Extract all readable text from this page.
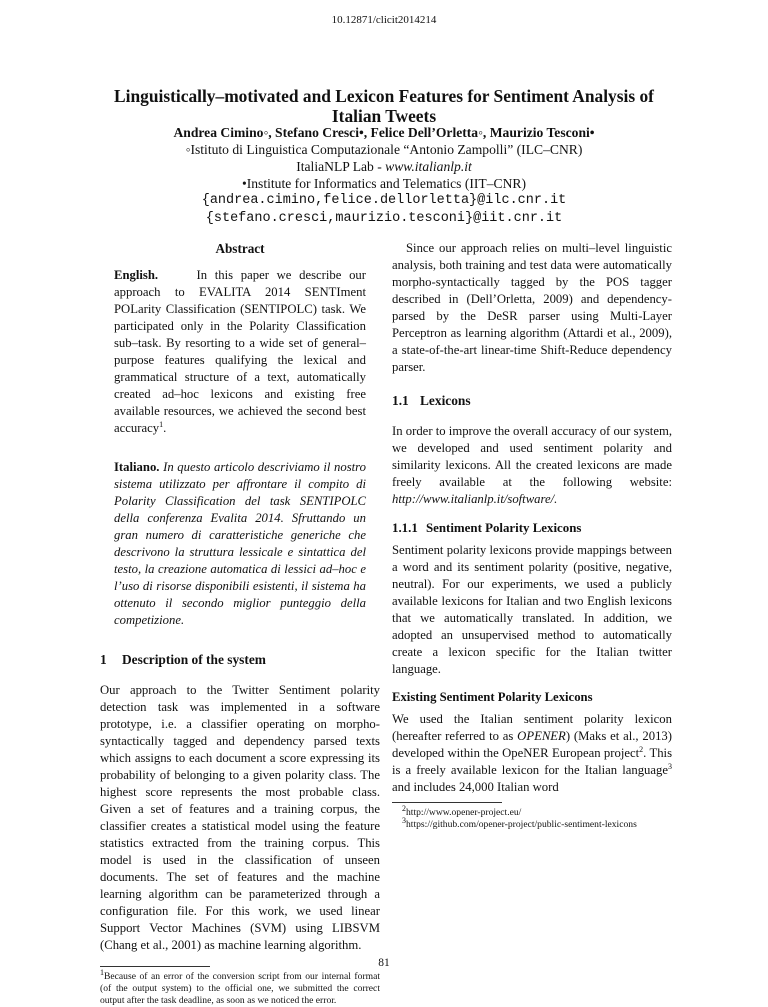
10.12871/clicit2014214
Linguistically–motivated and Lexicon Features for Sentiment Analysis of
Italian Tweets
Andrea Cimino◦, Stefano Cresci•, Felice Dell’Orletta◦, Maurizio Tesconi•
◦Istituto di Linguistica Computazionale “Antonio Zampolli” (ILC–CNR)
ItaliaNLP Lab - www.italianlp.it
•Institute for Informatics and Telematics (IIT–CNR)
{andrea.cimino,felice.dellorletta}@ilc.cnr.it
{stefano.cresci,maurizio.tesconi}@iit.cnr.it

Abstract

English.	In this paper we describe our approach to EVALITA 2014 SENTIment POLarity Classification (SENTIPOLC) task. We participated only in the Polarity Classification sub–task. By resorting to a wide set of general–purpose features qualifying the lexical and grammatical structure of a text, automatically created ad–hoc lexicons and existing free available resources, we achieved the second best accuracy$^1$.

Italiano. In questo articolo descriviamo il nostro sistema utilizzato per affrontare il compito di Polarity Classification del task SENTIPOLC della conferenza Evalita 2014. Sfruttando un gran numero di caratteristiche generiche che descrivono la struttura lessicale e sintattica del testo, la creazione automatica di lessici ad–hoc e l’uso di risorse disponibili esistenti, il sistema ha ottenuto il secondo miglior punteggio della competizione.

1 Description of the system

Our approach to the Twitter Sentiment polarity detection task was implemented in a software prototype, i.e. a classifier operating on morpho-syntactically tagged and dependency parsed texts which assigns to each document a score expressing its probability of belonging to a given polarity class. The highest score represents the most probable class. Given a set of features and a training corpus, the classifier creates a statistical model using the feature statistics extracted from the training corpus. This model is used in the classification of unseen documents. The set of features and the machine learning algorithm can be parameterized through a configuration file. For this work, we used linear Support Vector Machines (SVM) using LIBSVM (Chang et al., 2001) as machine learning algorithm.

$^1$Because of an error of the conversion script from our internal format (of the output system) to the official one, we submitted the correct output after the task deadline, as soon as we noticed the error.

Since our approach relies on multi–level linguistic analysis, both training and test data were automatically morpho-syntactically tagged by the POS tagger described in (Dell’Orletta, 2009) and dependency-parsed by the DeSR parser using Multi-Layer Perceptron as learning algorithm (Attardi et al., 2009), a state-of-the-art linear-time Shift-Reduce dependency parser.

1.1 Lexicons

In order to improve the overall accuracy of our system, we developed and used sentiment polarity and similarity lexicons. All the created lexicons are made freely available at the following website: http://www.italianlp.it/software/.

1.1.1 Sentiment Polarity Lexicons

Sentiment polarity lexicons provide mappings between a word and its sentiment polarity (positive, negative, neutral). For our experiments, we used a publicly available lexicons for Italian and two English lexicons that we automatically translated. In addition, we adopted an unsupervised method to automatically create a lexicon specific for the Italian twitter language.

Existing Sentiment Polarity Lexicons

We used the Italian sentiment polarity lexicon (hereafter referred to as OPENER) (Maks et al., 2013) developed within the OpeNER European project$^2$. This is a freely available lexicon for the Italian language$^3$ and includes 24,000 Italian word

$^2$http://www.opener-project.eu/
$^3$https://github.com/opener-project/public-sentiment-lexicons
81
